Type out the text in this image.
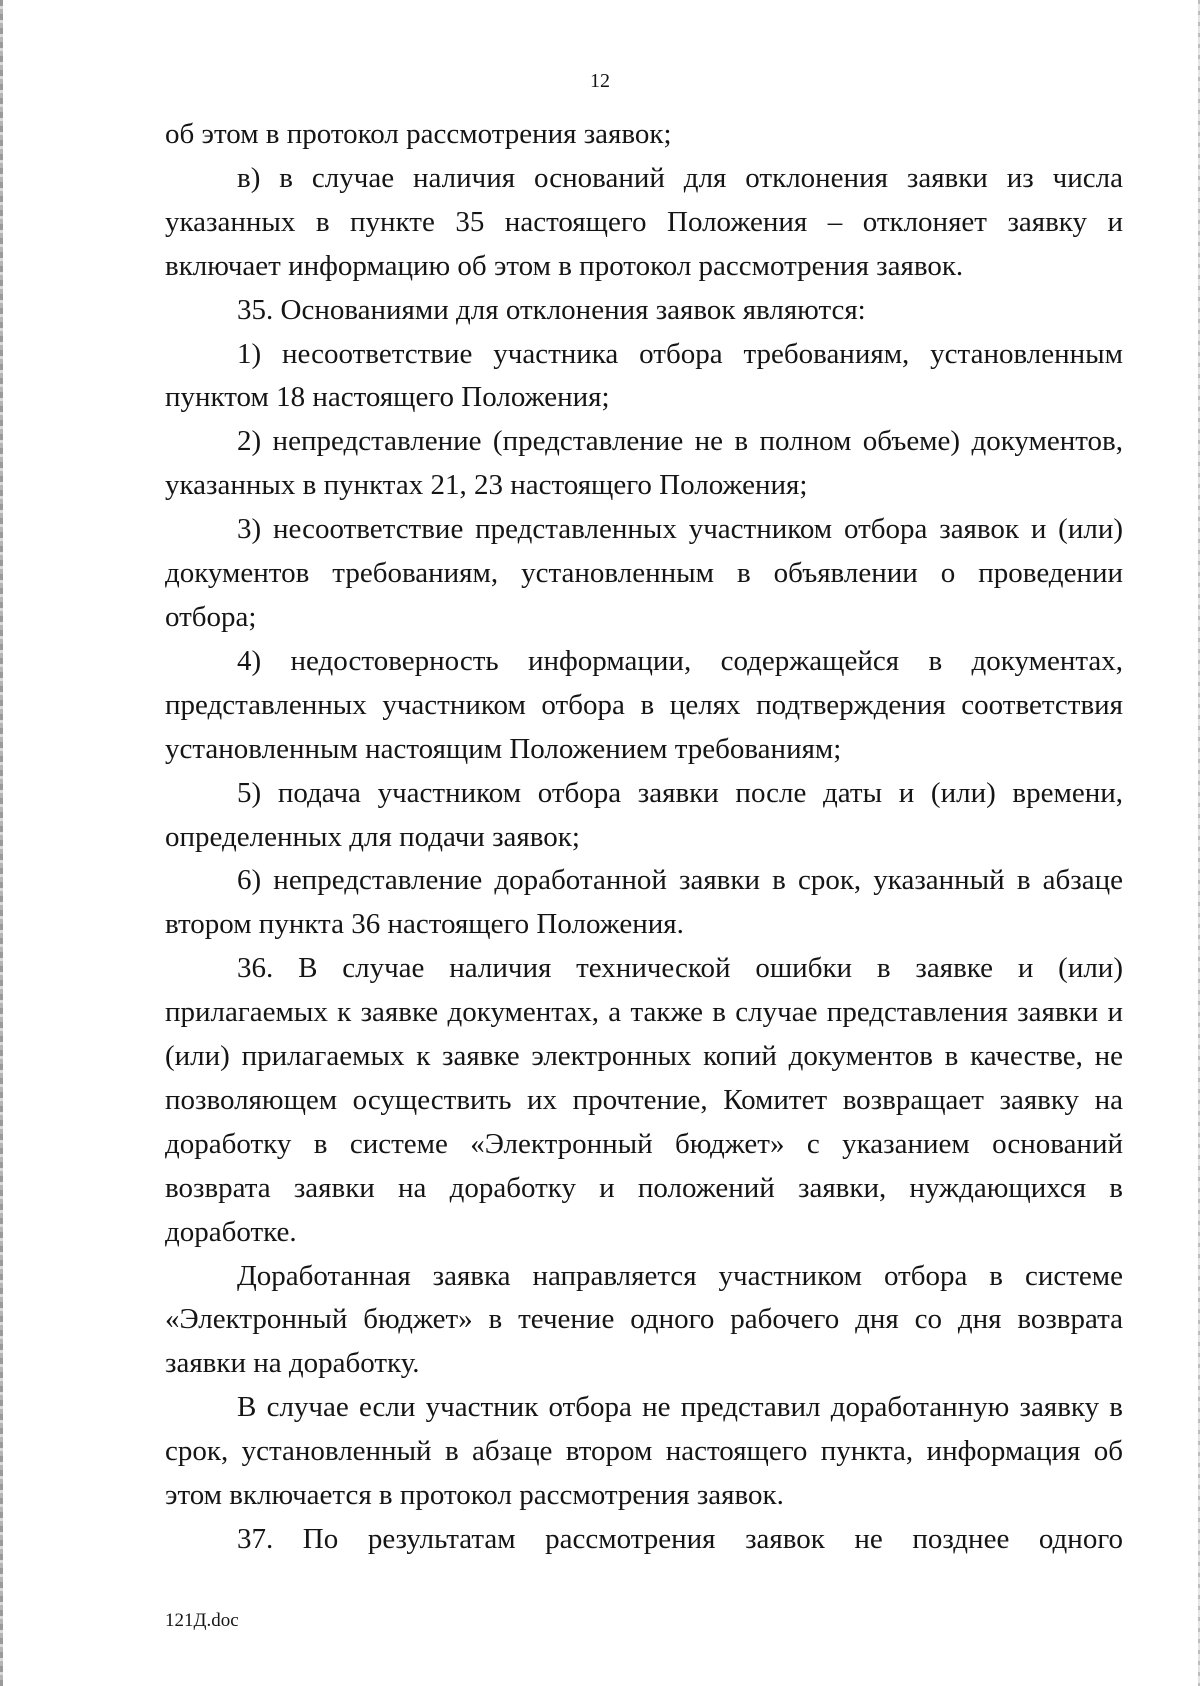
12

об этом в протокол рассмотрения заявок;

в) в случае наличия оснований для отклонения заявки из числа указанных в пункте 35 настоящего Положения – отклоняет заявку и включает информацию об этом в протокол рассмотрения заявок.

35. Основаниями для отклонения заявок являются:

1) несоответствие участника отбора требованиям, установленным пунктом 18 настоящего Положения;

2) непредставление (представление не в полном объеме) документов, указанных в пунктах 21, 23 настоящего Положения;

3) несоответствие представленных участником отбора заявок и (или) документов требованиям, установленным в объявлении о проведении отбора;

4) недостоверность информации, содержащейся в документах, представленных участником отбора в целях подтверждения соответствия установленным настоящим Положением требованиям;

5) подача участником отбора заявки после даты и (или) времени, определенных для подачи заявок;

6) непредставление доработанной заявки в срок, указанный в абзаце втором пункта 36 настоящего Положения.

36. В случае наличия технической ошибки в заявке и (или) прилагаемых к заявке документах, а также в случае представления заявки и (или) прилагаемых к заявке электронных копий документов в качестве, не позволяющем осуществить их прочтение, Комитет возвращает заявку на доработку в системе «Электронный бюджет» с указанием оснований возврата заявки на доработку и положений заявки, нуждающихся в доработке.

Доработанная заявка направляется участником отбора в системе «Электронный бюджет» в течение одного рабочего дня со дня возврата заявки на доработку.

В случае если участник отбора не представил доработанную заявку в срок, установленный в абзаце втором настоящего пункта, информация об этом включается в протокол рассмотрения заявок.

37. По результатам рассмотрения заявок не позднее одного

121Д.doc
